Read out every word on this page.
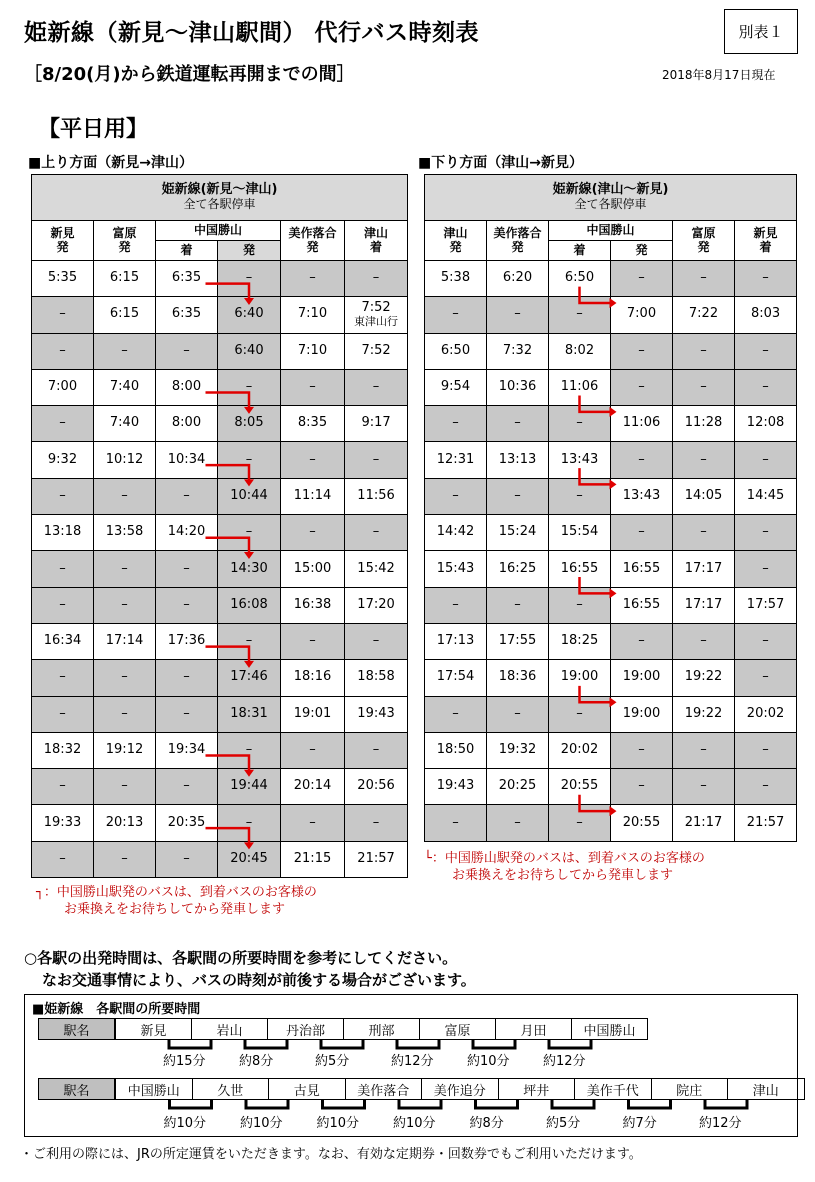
姫新線（新見～津山駅間） 代行バス時刻表	別表１
［8/20(月)から鉄道運転再開までの間］	2018年8月17日現在
【平日用】
■上り方面（新見→津山）	■下り方面（津山→新見）
姫新線(新見～津山)
全て各駅停車					
新見
発	富原
発	中国勝山		美作落合
発	津山
着
		着	発		
5:35	6:15	6:35	–	–	–
–	6:15	6:35	6:40	7:10	7:52
東津山行

–	–	–	6:40	7:10	7:52
7:00	7:40	8:00	–	–	–
–	7:40	8:00	8:05	8:35	9:17
9:32	10:12	10:34	–	–	–
–	–	–	10:44	11:14	11:56
13:18	13:58	14:20	–	–	–
–	–	–	14:30	15:00	15:42
–	–	–	16:08	16:38	17:20
16:34	17:14	17:36	–	–	–
–	–	–	17:46	18:16	18:58
–	–	–	18:31	19:01	19:43
18:32	19:12	19:34	–	–	–
–	–	–	19:44	20:14	20:56
19:33	20:13	20:35	–	–	–
–	–	–	20:45	21:15	21:57
姫新線(津山～新見)
全て各駅停車					
津山
発	美作落合
発	中国勝山		富原
発	新見
着
		着	発		
5:38	6:20	6:50	–	–	–
–	–	–	7:00	7:22	8:03
6:50	7:32	8:02	–	–	–
9:54	10:36	11:06	–	–	–
–	–	–	11:06	11:28	12:08
12:31	13:13	13:43	–	–	–
–	–	–	13:43	14:05	14:45
14:42	15:24	15:54	–	–	–
15:43	16:25	16:55	16:55	17:17	–
–	–	–	16:55	17:17	17:57
17:13	17:55	18:25	–	–	–
17:54	18:36	19:00	19:00	19:22	–
–	–	–	19:00	19:22	20:02
18:50	19:32	20:02	–	–	–
19:43	20:25	20:55	–	–	–
–	–	–	20:55	21:17	21:57
┐：中国勝山駅発のバスは、到着バスのお客様の
お乗換えをお待ちしてから発車します
└：中国勝山駅発のバスは、到着バスのお客様の
お乗換えをお待ちしてから発車します
○各駅の出発時間は、各駅間の所要時間を参考にしてください。
なお交通事情により、バスの時刻が前後する場合がございます。
■姫新線　各駅間の所要時間
駅名	新見	岩山	丹治部	刑部	富原	月田	中国勝山
約15分	約8分	約5分	約12分	約10分	約12分
駅名	中国勝山	久世	古見	美作落合	美作追分	坪井	美作千代	院庄	津山
約10分	約10分	約10分	約10分	約8分	約5分	約7分	約12分
・ご利用の際には、JRの所定運賃をいただきます。なお、有効な定期券・回数券でもご利用いただけます。
